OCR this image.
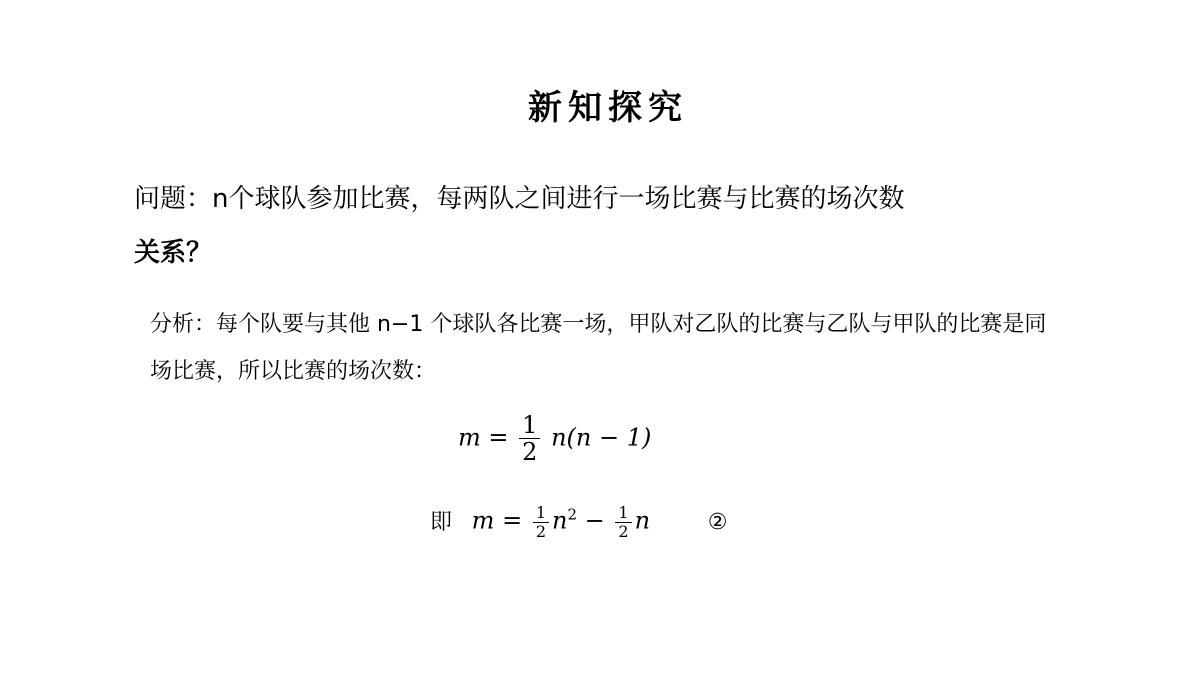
新知探究
问题：n个球队参加比赛，每两队之间进行一场比赛与比赛的场次数
关系？
分析：每个队要与其他 n−1 个球队各比赛一场，甲队对乙队的比赛与乙队与甲队的比赛是同
场比赛，所以比赛的场次数：
$m = \frac{1}{2} n(n - 1)$
即 $m = \frac{1}{2} n^2 - \frac{1}{2}$ n	②
